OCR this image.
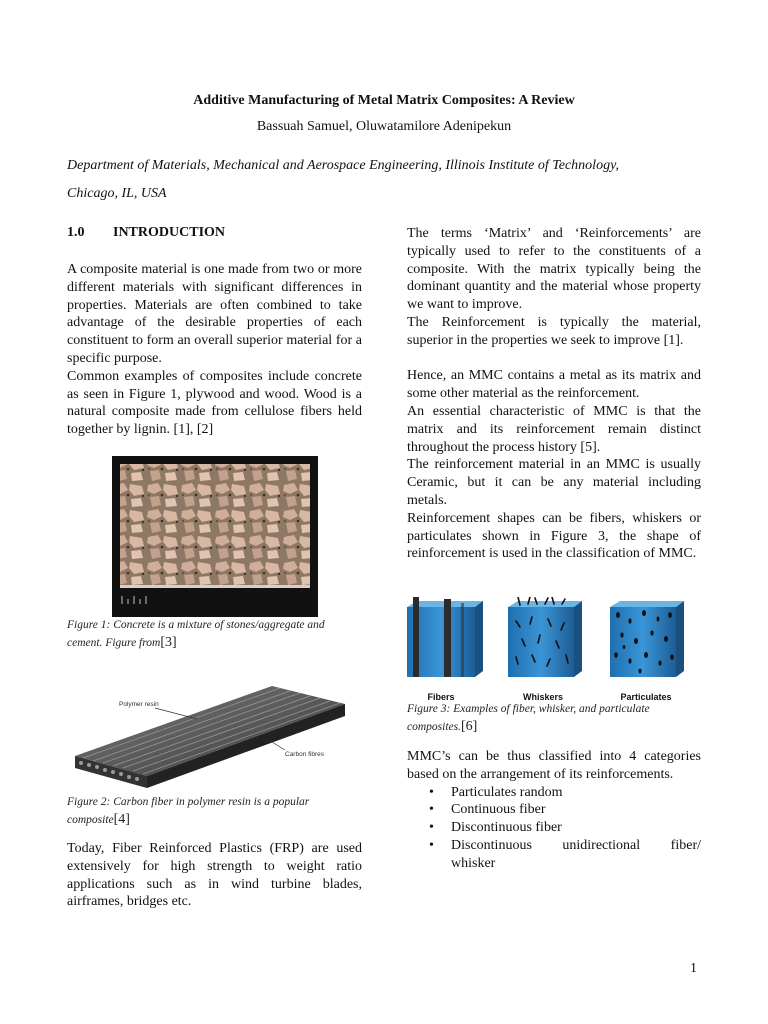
Additive Manufacturing of Metal Matrix Composites: A Review
Bassuah Samuel, Oluwatamilore Adenipekun
Department of Materials, Mechanical and Aerospace Engineering, Illinois Institute of Technology,
Chicago, IL, USA
1.0 INTRODUCTION

A composite material is one made from two or more different materials with significant differences in properties. Materials are often combined to take advantage of the desirable properties of each constituent to form an overall superior material for a specific purpose.

Common examples of composites include concrete as seen in Figure 1, plywood and wood. Wood is a natural composite made from cellulose fibers held together by lignin. [1], [2]

Figure 1: Concrete is a mixture of stones/aggregate and cement. Figure from[3]
Polymer resin
Carbon fibres
Figure 2: Carbon fiber in polymer resin is a popular composite[4]

Today, Fiber Reinforced Plastics (FRP) are used extensively for high strength to weight ratio applications such as in wind turbine blades, airframes, bridges etc.

The terms ‘Matrix’ and ‘Reinforcements’ are typically used to refer to the constituents of a composite. With the matrix typically being the dominant quantity and the material whose property we want to improve.

The Reinforcement is typically the material, superior in the properties we seek to improve [1].

Hence, an MMC contains a metal as its matrix and some other material as the reinforcement.

An essential characteristic of MMC is that the matrix and its reinforcement remain distinct throughout the process history [5].

The reinforcement material in an MMC is usually Ceramic, but it can be any material including metals.

Reinforcement shapes can be fibers, whiskers or particulates shown in Figure 3, the shape of reinforcement is used in the classification of MMC.

Fibers	Whiskers	Particulates
Figure 3: Examples of fiber, whisker, and particulate composites.[6]

MMC’s can be thus classified into 4 categories based on the arrangement of its reinforcements.

• Particulates random
• Continuous fiber
• Discontinuous fiber
• Discontinuous unidirectional fiber/
whisker
1
